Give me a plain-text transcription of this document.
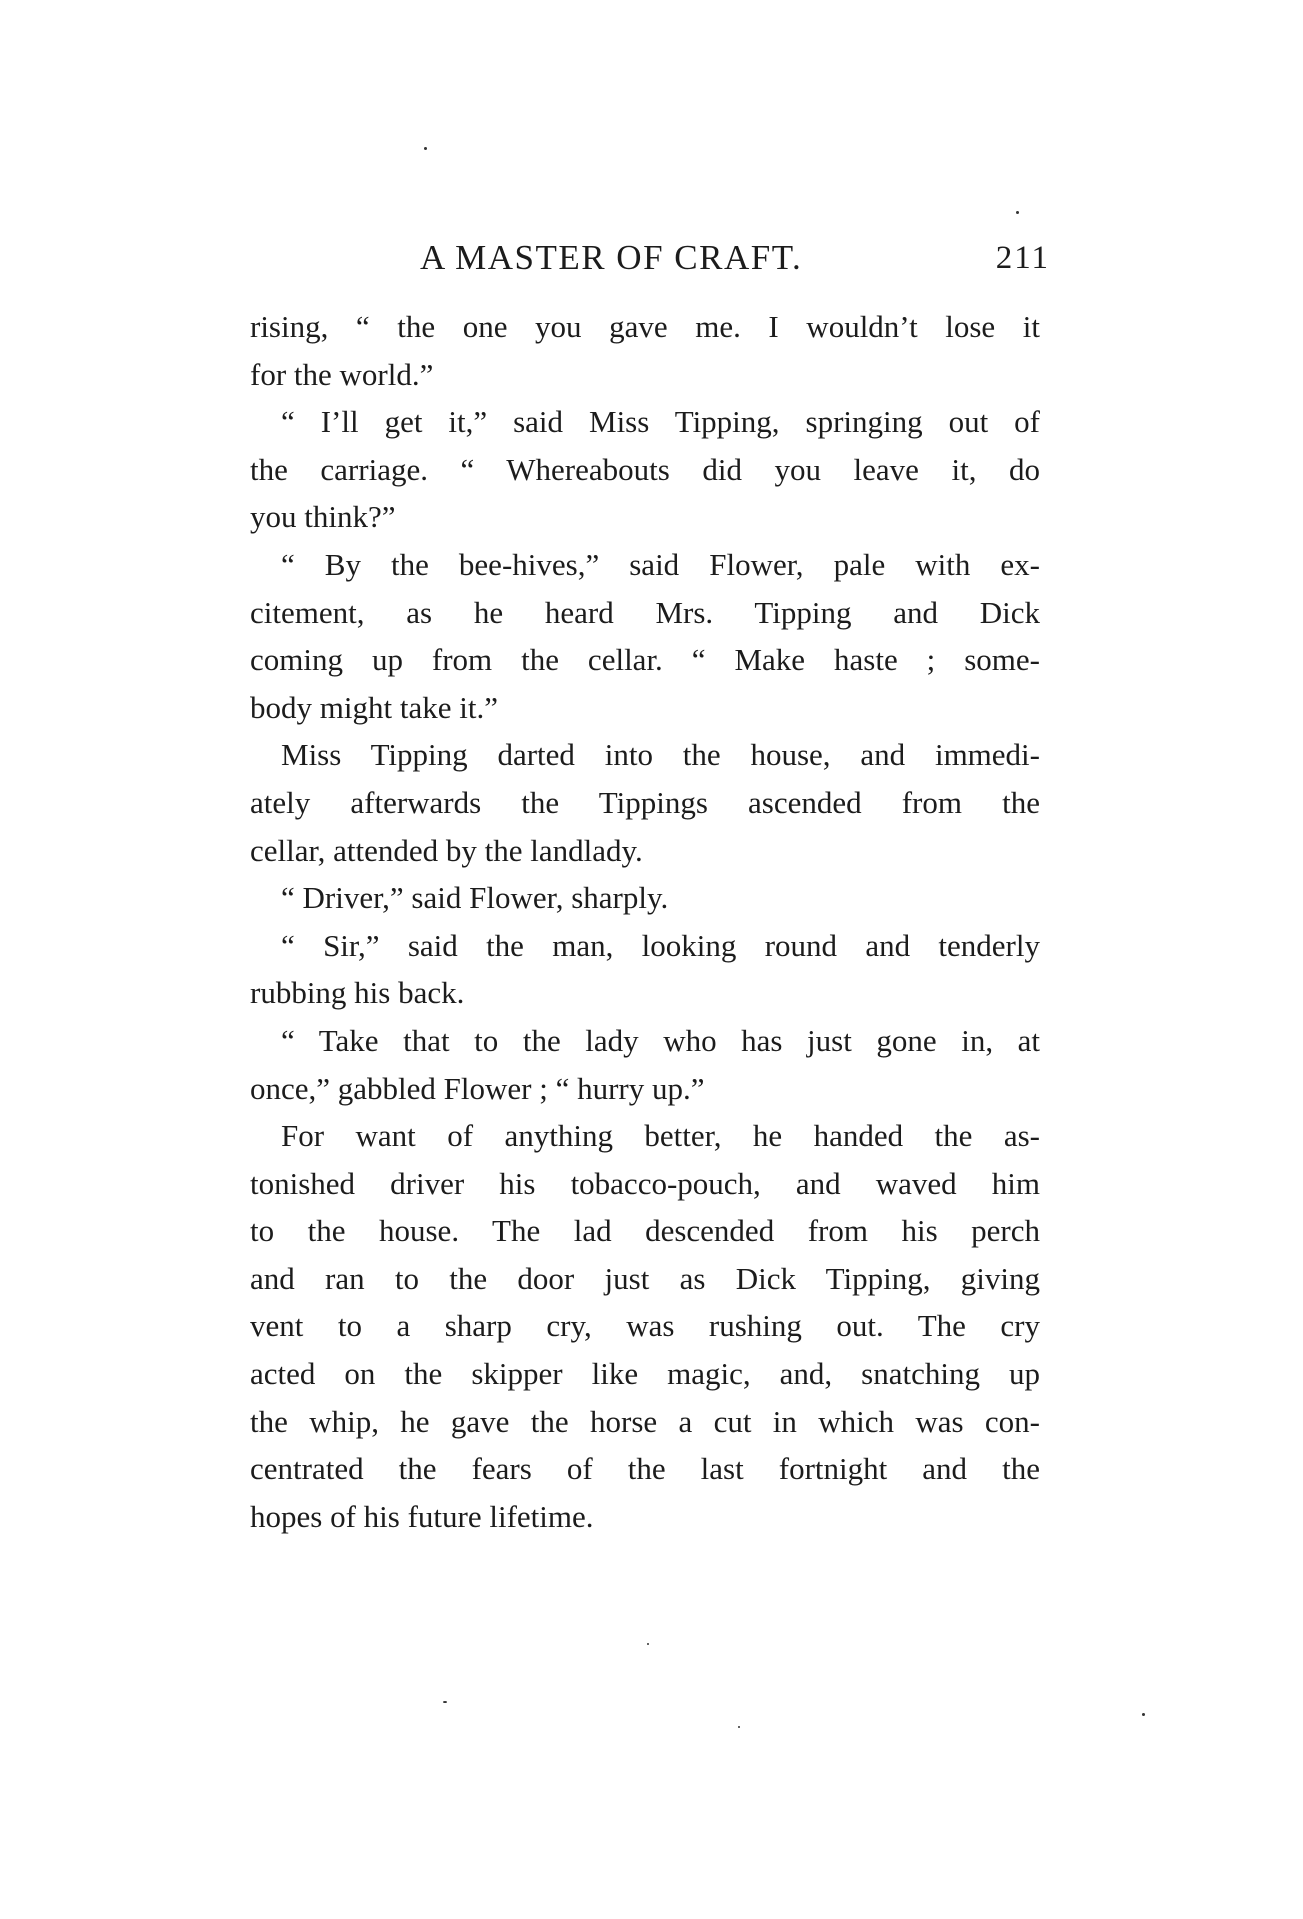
A MASTER OF CRAFT.	211
rising, “ the one you gave me. I wouldn’t lose it
for the world.”
“ I’ll get it,” said Miss Tipping, springing out of
the carriage. “ Whereabouts did you leave it, do
you think?”
“ By the bee-hives,” said Flower, pale with ex-
citement, as he heard Mrs. Tipping and Dick
coming up from the cellar. “ Make haste ; some-
body might take it.”
Miss Tipping darted into the house, and immedi-
ately afterwards the Tippings ascended from the
cellar, attended by the landlady.
“ Driver,” said Flower, sharply.
“ Sir,” said the man, looking round and tenderly
rubbing his back.
“ Take that to the lady who has just gone in, at
once,” gabbled Flower ; “ hurry up.”
For want of anything better, he handed the as-
tonished driver his tobacco-pouch, and waved him
to the house. The lad descended from his perch
and ran to the door just as Dick Tipping, giving
vent to a sharp cry, was rushing out. The cry
acted on the skipper like magic, and, snatching up
the whip, he gave the horse a cut in which was con-
centrated the fears of the last fortnight and the
hopes of his future lifetime.
